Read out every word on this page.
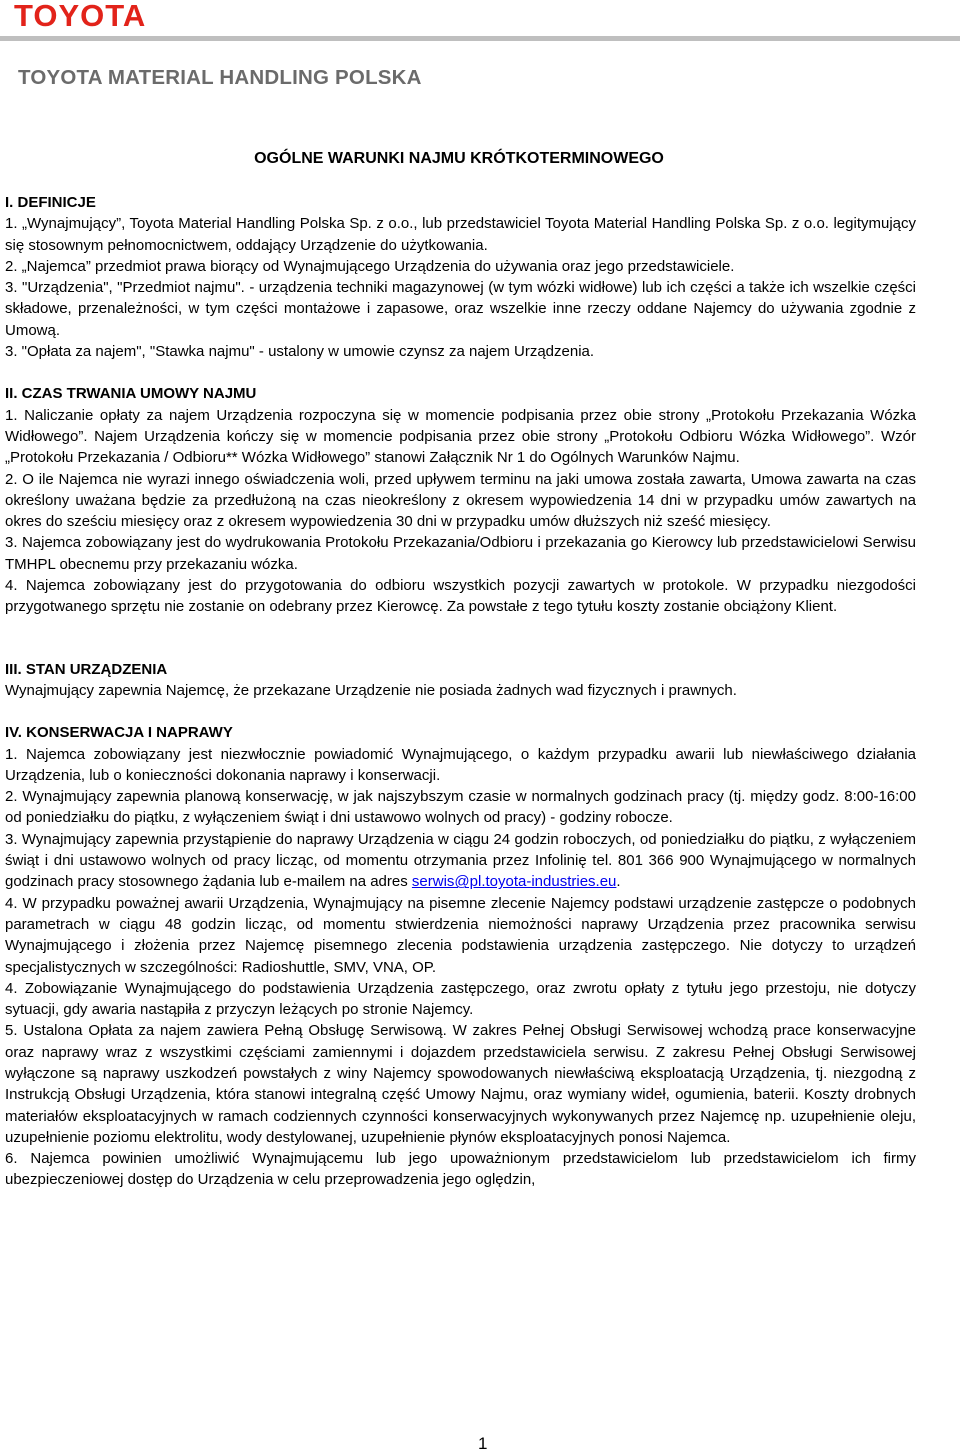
TOYOTA
TOYOTA MATERIAL HANDLING POLSKA
OGÓLNE WARUNKI NAJMU KRÓTKOTERMINOWEGO
I. DEFINICJE

1. „Wynajmujący”, Toyota Material Handling Polska Sp. z o.o., lub przedstawiciel Toyota Material Handling Polska Sp. z o.o. legitymujący się stosownym pełnomocnictwem, oddający Urządzenie do użytkowania.

2. „Najemca” przedmiot prawa biorący od Wynajmującego Urządzenia do używania oraz jego przedstawiciele.

3. "Urządzenia", "Przedmiot najmu". - urządzenia techniki magazynowej (w tym wózki widłowe) lub ich części a także ich wszelkie części składowe, przenależności, w tym części montażowe i zapasowe, oraz wszelkie inne rzeczy oddane Najemcy do używania zgodnie z Umową.

3. "Opłata za najem", "Stawka najmu" - ustalony w umowie czynsz za najem Urządzenia.

II. CZAS TRWANIA UMOWY NAJMU

1. Naliczanie opłaty za najem Urządzenia rozpoczyna się w momencie podpisania przez obie strony „Protokołu Przekazania Wózka Widłowego”. Najem Urządzenia kończy się w momencie podpisania przez obie strony „Protokołu Odbioru Wózka Widłowego”. Wzór „Protokołu Przekazania / Odbioru** Wózka Widłowego” stanowi Załącznik Nr 1 do Ogólnych Warunków Najmu.

2. O ile Najemca nie wyrazi innego oświadczenia woli, przed upływem terminu na jaki umowa została zawarta, Umowa zawarta na czas określony uważana będzie za przedłużoną na czas nieokreślony z okresem wypowiedzenia 14 dni w przypadku umów zawartych na okres do sześciu miesięcy oraz z okresem wypowiedzenia 30 dni w przypadku umów dłuższych niż sześć miesięcy.

3. Najemca zobowiązany jest do wydrukowania Protokołu Przekazania/Odbioru i przekazania go Kierowcy lub przedstawicielowi Serwisu TMHPL obecnemu przy przekazaniu wózka.

4. Najemca zobowiązany jest do przygotowania do odbioru wszystkich pozycji zawartych w protokole. W przypadku niezgodości przygotwanego sprzętu nie zostanie on odebrany przez Kierowcę. Za powstałe z tego tytułu koszty zostanie obciążony Klient.

III. STAN URZĄDZENIA

Wynajmujący zapewnia Najemcę, że przekazane Urządzenie nie posiada żadnych wad fizycznych i prawnych.

IV. KONSERWACJA I NAPRAWY

1. Najemca zobowiązany jest niezwłocznie powiadomić Wynajmującego, o każdym przypadku awarii lub niewłaściwego działania Urządzenia, lub o konieczności dokonania naprawy i konserwacji.

2. Wynajmujący zapewnia planową konserwację, w jak najszybszym czasie w normalnych godzinach pracy (tj. między godz. 8:00-16:00 od poniedziałku do piątku, z wyłączeniem świąt i dni ustawowo wolnych od pracy) - godziny robocze.

3. Wynajmujący zapewnia przystąpienie do naprawy Urządzenia w ciągu 24 godzin roboczych, od poniedziałku do piątku, z wyłączeniem świąt i dni ustawowo wolnych od pracy licząc, od momentu otrzymania przez Infolinię tel. 801 366 900 Wynajmującego w normalnych godzinach pracy stosownego żądania lub e-mailem na adres serwis@pl.toyota-industries.eu.

4. W przypadku poważnej awarii Urządzenia, Wynajmujący na pisemne zlecenie Najemcy podstawi urządzenie zastępcze o podobnych parametrach w ciągu 48 godzin licząc, od momentu stwierdzenia niemożności naprawy Urządzenia przez pracownika serwisu Wynajmującego i złożenia przez Najemcę pisemnego zlecenia podstawienia urządzenia zastępczego. Nie dotyczy to urządzeń specjalistycznych w szczególności: Radioshuttle, SMV, VNA, OP.

4. Zobowiązanie Wynajmującego do podstawienia Urządzenia zastępczego, oraz zwrotu opłaty z tytułu jego przestoju, nie dotyczy sytuacji, gdy awaria nastąpiła z przyczyn leżących po stronie Najemcy.

5. Ustalona Opłata za najem zawiera Pełną Obsługę Serwisową. W zakres Pełnej Obsługi Serwisowej wchodzą prace konserwacyjne oraz naprawy wraz z wszystkimi częściami zamiennymi i dojazdem przedstawiciela serwisu. Z zakresu Pełnej Obsługi Serwisowej wyłączone są naprawy uszkodzeń powstałych z winy Najemcy spowodowanych niewłaściwą eksploatacją Urządzenia, tj. niezgodną z Instrukcją Obsługi Urządzenia, która stanowi integralną część Umowy Najmu, oraz wymiany wideł, ogumienia, baterii. Koszty drobnych materiałów eksploatacyjnych w ramach codziennych czynności konserwacyjnych wykonywanych przez Najemcę np. uzupełnienie oleju, uzupełnienie poziomu elektrolitu, wody destylowanej, uzupełnienie płynów eksploatacyjnych ponosi Najemca.

6. Najemca powinien umożliwić Wynajmującemu lub jego upoważnionym przedstawicielom lub przedstawicielom ich firmy ubezpieczeniowej dostęp do Urządzenia w celu przeprowadzenia jego oględzin,

1
